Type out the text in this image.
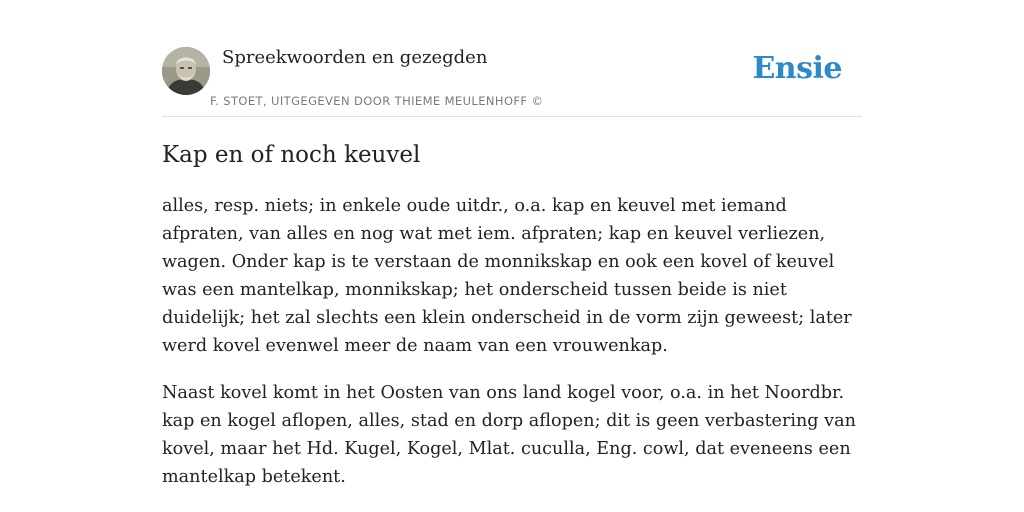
Spreekwoorden en gezegden
F. STOET, UITGEGEVEN DOOR THIEME MEULENHOFF ©
Ensie
Kap en of noch keuvel

alles, resp. niets; in enkele oude uitdr., o.a. kap en keuvel met iemand afpraten, van alles en nog wat met iem. afpraten; kap en keuvel verliezen, wagen. Onder kap is te verstaan de monnikskap en ook een kovel of keuvel was een mantelkap, monnikskap; het onderscheid tussen beide is niet duidelijk; het zal slechts een klein onderscheid in de vorm zijn geweest; later werd kovel evenwel meer de naam van een vrouwenkap.

Naast kovel komt in het Oosten van ons land kogel voor, o.a. in het Noordbr. kap en kogel aflopen, alles, stad en dorp aflopen; dit is geen verbastering van kovel, maar het Hd. Kugel, Kogel, Mlat. cuculla, Eng. cowl, dat eveneens een mantelkap betekent.
